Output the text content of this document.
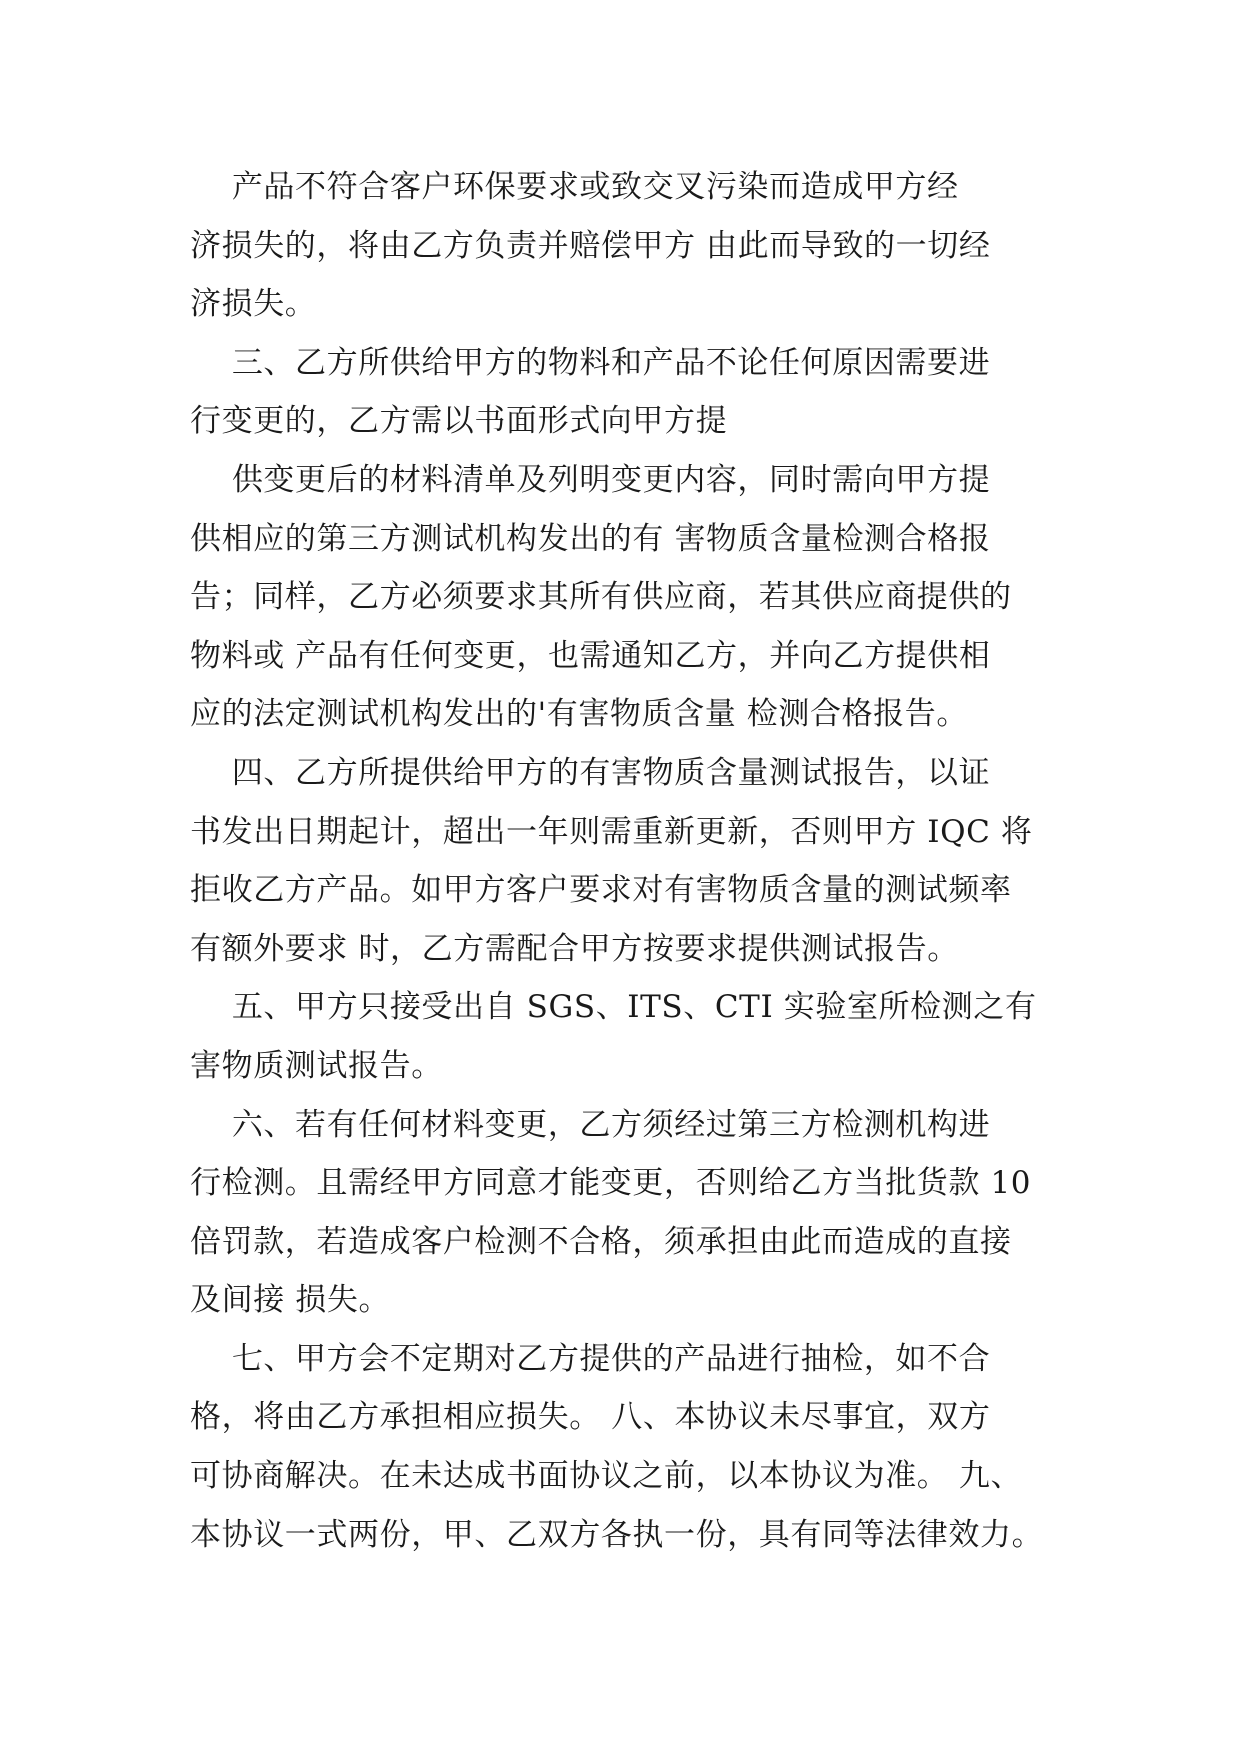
产品不符合客户环保要求或致交叉污染而造成甲方经
济损失的，将由乙方负责并赔偿甲方 由此而导致的一切经
济损失。
三、乙方所供给甲方的物料和产品不论任何原因需要进
行变更的，乙方需以书面形式向甲方提
供变更后的材料清单及列明变更内容，同时需向甲方提
供相应的第三方测试机构发出的有 害物质含量检测合格报
告；同样，乙方必须要求其所有供应商，若其供应商提供的
物料或 产品有任何变更，也需通知乙方，并向乙方提供相
应的法定测试机构发出的'有害物质含量 检测合格报告。
四、乙方所提供给甲方的有害物质含量测试报告，以证
书发出日期起计，超出一年则需重新更新，否则甲方 IQC 将
拒收乙方产品。如甲方客户要求对有害物质含量的测试频率
有额外要求 时，乙方需配合甲方按要求提供测试报告。
五、甲方只接受出自 SGS、ITS、CTI 实验室所检测之有
害物质测试报告。
六、若有任何材料变更，乙方须经过第三方检测机构进
行检测。且需经甲方同意才能变更，否则给乙方当批货款 10
倍罚款，若造成客户检测不合格，须承担由此而造成的直接
及间接 损失。
七、甲方会不定期对乙方提供的产品进行抽检，如不合
格，将由乙方承担相应损失。 八、本协议未尽事宜，双方
可协商解决。在未达成书面协议之前，以本协议为准。 九、
本协议一式两份，甲、乙双方各执一份，具有同等法律效力。
